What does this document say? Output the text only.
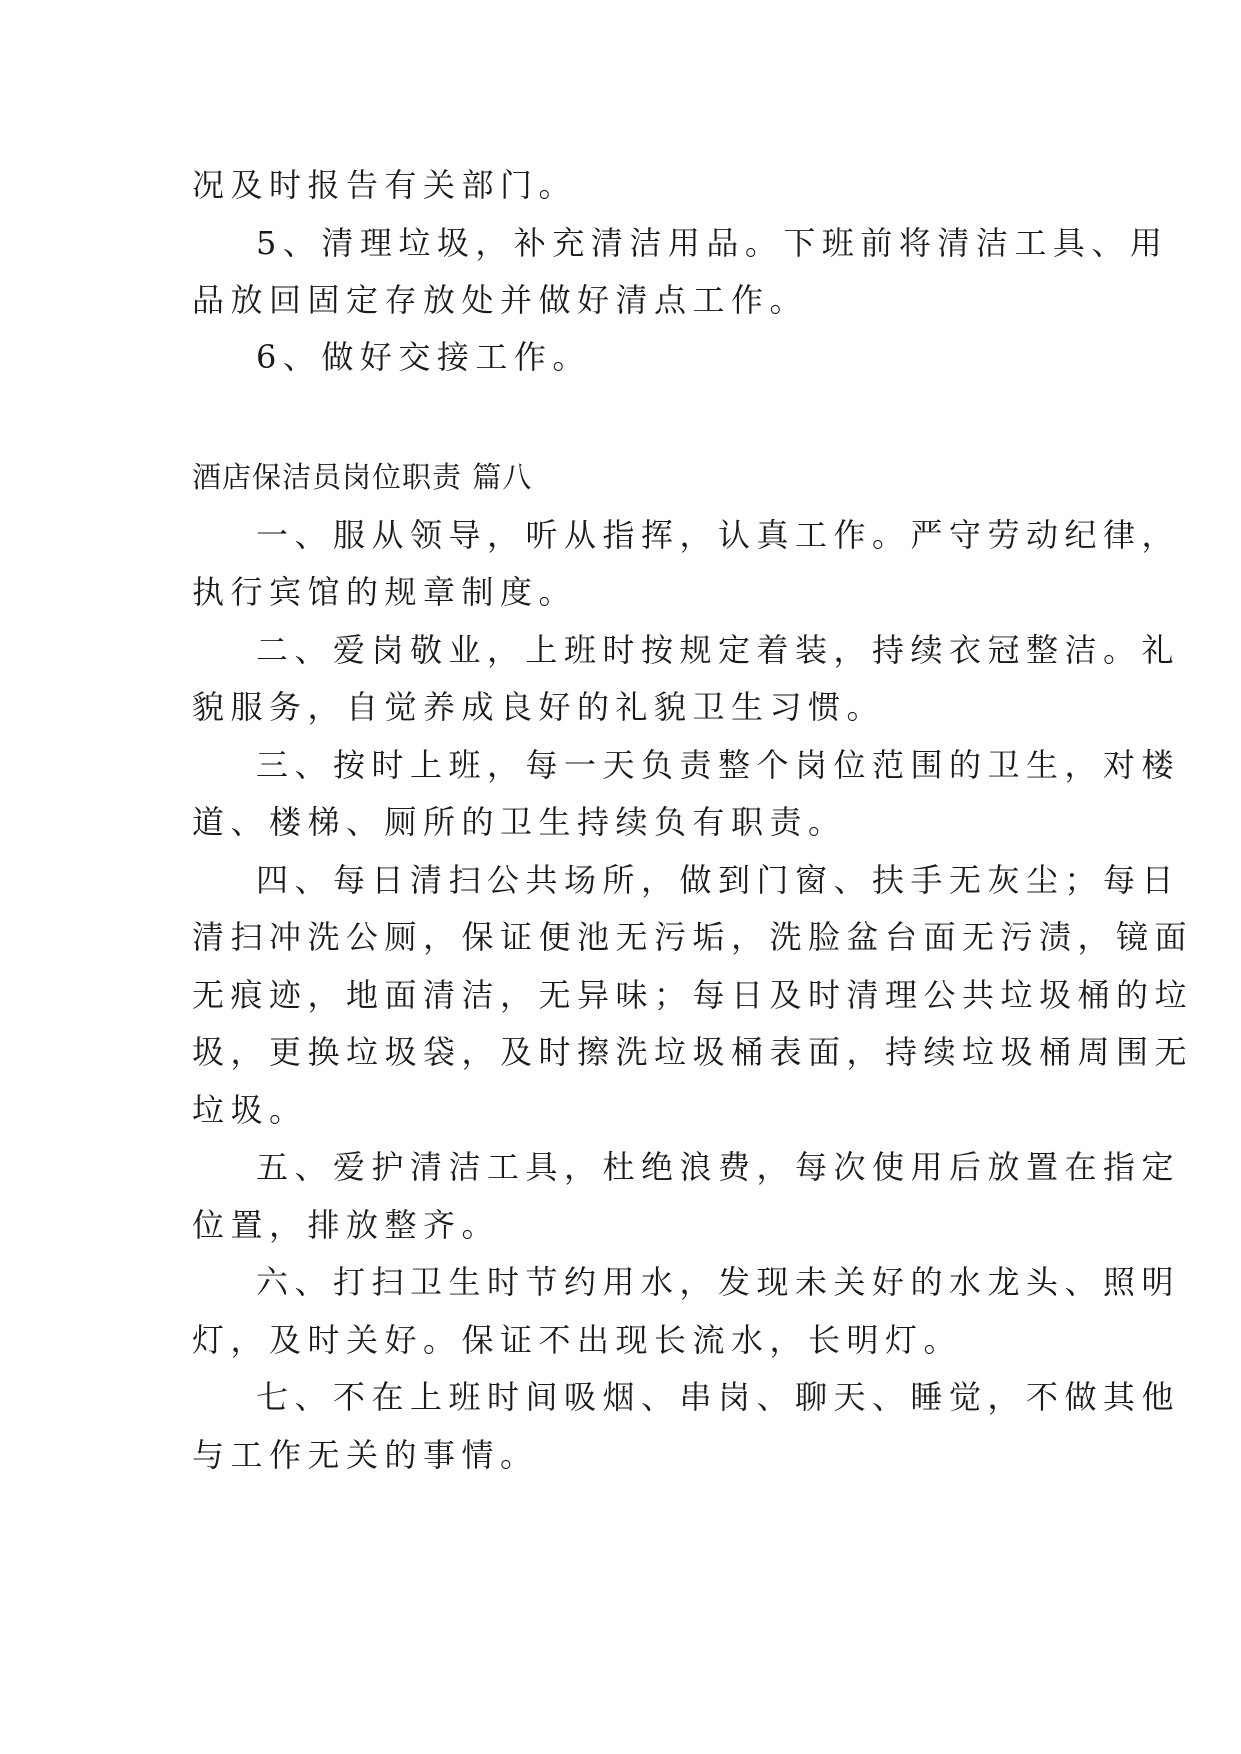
况及时报告有关部门。
5、清理垃圾，补充清洁用品。下班前将清洁工具、用
品放回固定存放处并做好清点工作。
6、做好交接工作。
酒店保洁员岗位职责 篇八
一、服从领导，听从指挥，认真工作。严守劳动纪律，
执行宾馆的规章制度。
二、爱岗敬业，上班时按规定着装，持续衣冠整洁。礼
貌服务，自觉养成良好的礼貌卫生习惯。
三、按时上班，每一天负责整个岗位范围的卫生，对楼
道、楼梯、厕所的卫生持续负有职责。
四、每日清扫公共场所，做到门窗、扶手无灰尘；每日
清扫冲洗公厕，保证便池无污垢，洗脸盆台面无污渍，镜面
无痕迹，地面清洁，无异味；每日及时清理公共垃圾桶的垃
圾，更换垃圾袋，及时擦洗垃圾桶表面，持续垃圾桶周围无
垃圾。
五、爱护清洁工具，杜绝浪费，每次使用后放置在指定
位置，排放整齐。
六、打扫卫生时节约用水，发现未关好的水龙头、照明
灯，及时关好。保证不出现长流水，长明灯。
七、不在上班时间吸烟、串岗、聊天、睡觉，不做其他
与工作无关的事情。
